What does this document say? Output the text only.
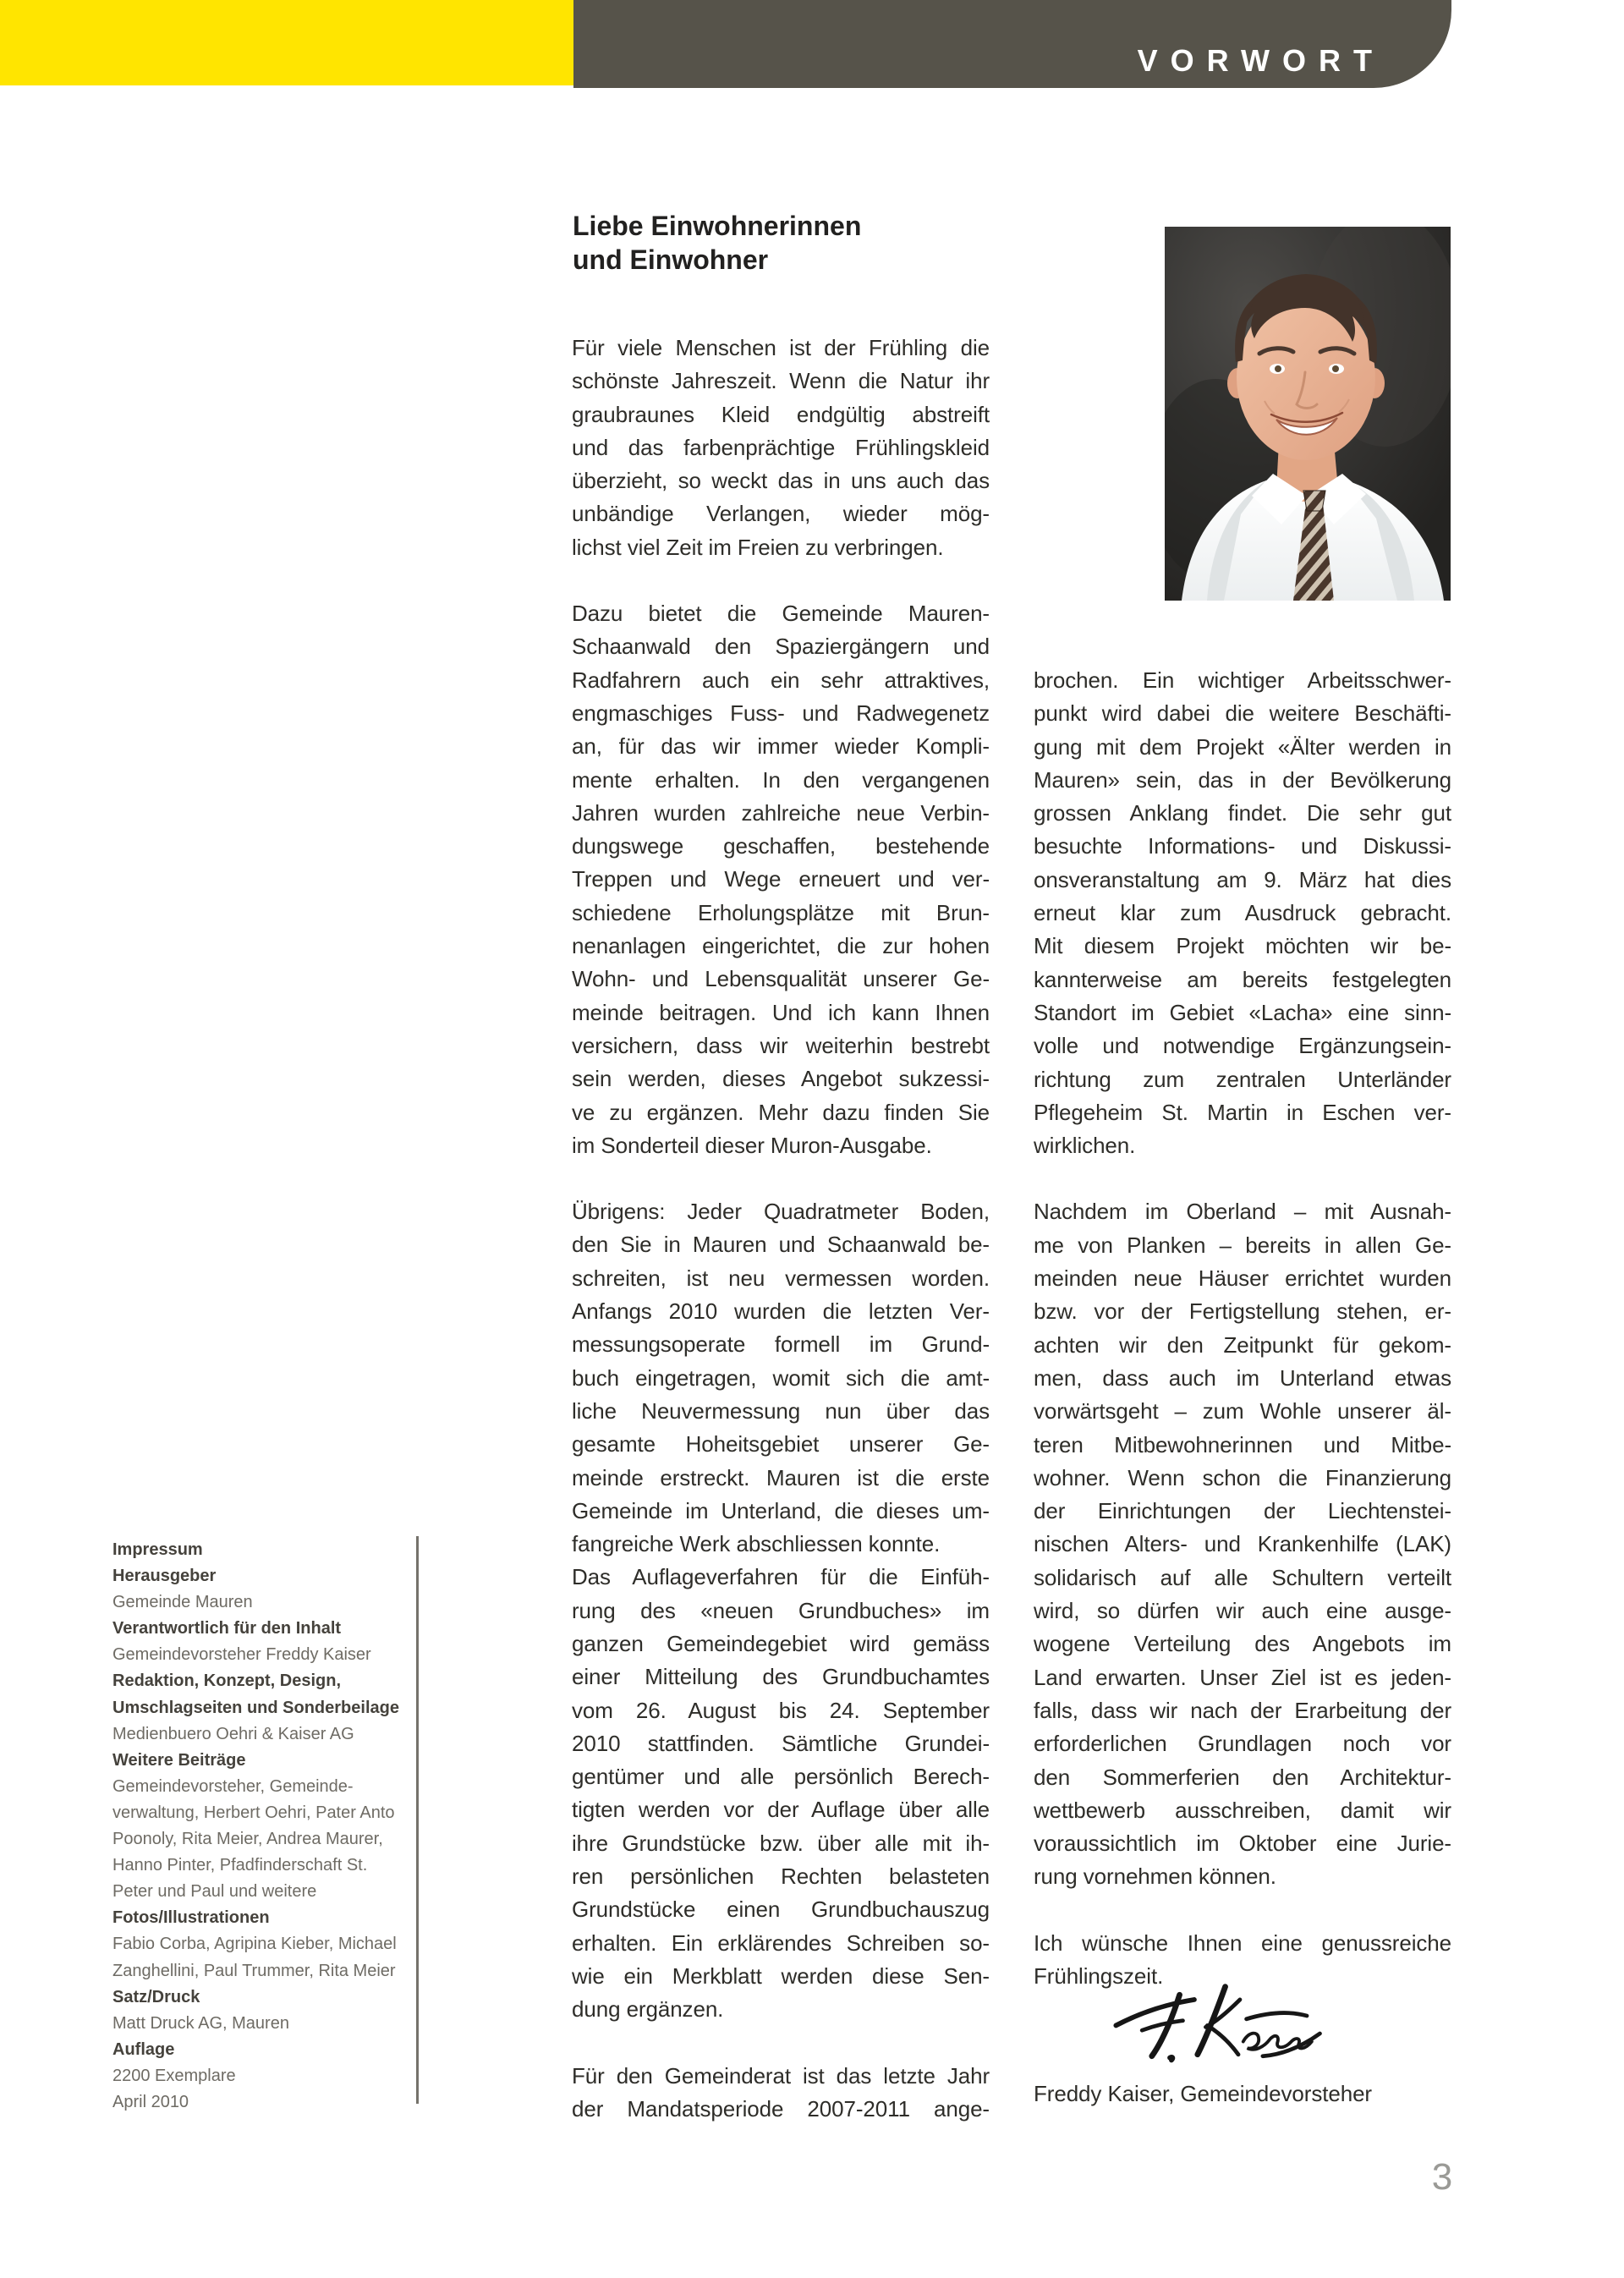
VORWORT
Liebe Einwohnerinnen
und Einwohner
Für viele Menschen ist der Frühling die
schönste Jahreszeit. Wenn die Natur ihr
graubraunes Kleid endgültig abstreift
und das farbenprächtige Frühlingskleid
überzieht, so weckt das in uns auch das
unbändige Verlangen, wieder mög-
lichst viel Zeit im Freien zu verbringen.
Dazu bietet die Gemeinde Mauren-
Schaanwald den Spaziergängern und
Radfahrern auch ein sehr attraktives,
engmaschiges Fuss- und Radwegenetz
an, für das wir immer wieder Kompli-
mente erhalten. In den vergangenen
Jahren wurden zahlreiche neue Verbin-
dungswege geschaffen, bestehende
Treppen und Wege erneuert und ver-
schiedene Erholungsplätze mit Brun-
nenanlagen eingerichtet, die zur hohen
Wohn- und Lebensqualität unserer Ge-
meinde beitragen. Und ich kann Ihnen
versichern, dass wir weiterhin bestrebt
sein werden, dieses Angebot sukzessi-
ve zu ergänzen. Mehr dazu finden Sie
im Sonderteil dieser Muron-Ausgabe.
Übrigens: Jeder Quadratmeter Boden,
den Sie in Mauren und Schaanwald be-
schreiten, ist neu vermessen worden.
Anfangs 2010 wurden die letzten Ver-
messungsoperate formell im Grund-
buch eingetragen, womit sich die amt-
liche Neuvermessung nun über das
gesamte Hoheitsgebiet unserer Ge-
meinde erstreckt. Mauren ist die erste
Gemeinde im Unterland, die dieses um-
fangreiche Werk abschliessen konnte.
Das Auflageverfahren für die Einfüh-
rung des «neuen Grundbuches» im
ganzen Gemeindegebiet wird gemäss
einer Mitteilung des Grundbuchamtes
vom 26. August bis 24. September
2010 stattfinden. Sämtliche Grundei-
gentümer und alle persönlich Berech-
tigten werden vor der Auflage über alle
ihre Grundstücke bzw. über alle mit ih-
ren persönlichen Rechten belasteten
Grundstücke einen Grundbuchauszug
erhalten. Ein erklärendes Schreiben so-
wie ein Merkblatt werden diese Sen-
dung ergänzen.
Für den Gemeinderat ist das letzte Jahr
der Mandatsperiode 2007-2011 ange-
brochen. Ein wichtiger Arbeitsschwer-
punkt wird dabei die weitere Beschäfti-
gung mit dem Projekt «Älter werden in
Mauren» sein, das in der Bevölkerung
grossen Anklang findet. Die sehr gut
besuchte Informations- und Diskussi-
onsveranstaltung am 9. März hat dies
erneut klar zum Ausdruck gebracht.
Mit diesem Projekt möchten wir be-
kannterweise am bereits festgelegten
Standort im Gebiet «Lacha» eine sinn-
volle und notwendige Ergänzungsein-
richtung zum zentralen Unterländer
Pflegeheim St. Martin in Eschen ver-
wirklichen.
Nachdem im Oberland – mit Ausnah-
me von Planken – bereits in allen Ge-
meinden neue Häuser errichtet wurden
bzw. vor der Fertigstellung stehen, er-
achten wir den Zeitpunkt für gekom-
men, dass auch im Unterland etwas
vorwärtsgeht – zum Wohle unserer äl-
teren Mitbewohnerinnen und Mitbe-
wohner. Wenn schon die Finanzierung
der Einrichtungen der Liechtenstei-
nischen Alters- und Krankenhilfe (LAK)
solidarisch auf alle Schultern verteilt
wird, so dürfen wir auch eine ausge-
wogene Verteilung des Angebots im
Land erwarten. Unser Ziel ist es jeden-
falls, dass wir nach der Erarbeitung der
erforderlichen Grundlagen noch vor
den Sommerferien den Architektur-
wettbewerb ausschreiben, damit wir
voraussichtlich im Oktober eine Jurie-
rung vornehmen können.
Ich wünsche Ihnen eine genussreiche
Frühlingszeit.
Freddy Kaiser, Gemeindevorsteher
Impressum
Herausgeber
Gemeinde Mauren
Verantwortlich für den Inhalt
Gemeindevorsteher Freddy Kaiser
Redaktion, Konzept, Design,
Umschlagseiten und Sonderbeilage
Medienbuero Oehri & Kaiser AG
Weitere Beiträge
Gemeindevorsteher, Gemeinde-
verwaltung, Herbert Oehri, Pater Anto
Poonoly, Rita Meier, Andrea Maurer,
Hanno Pinter, Pfadfinderschaft St.
Peter und Paul und weitere
Fotos/Illustrationen
Fabio Corba, Agripina Kieber, Michael
Zanghellini, Paul Trummer, Rita Meier
Satz/Druck
Matt Druck AG, Mauren
Auflage
2200 Exemplare
April 2010
3
